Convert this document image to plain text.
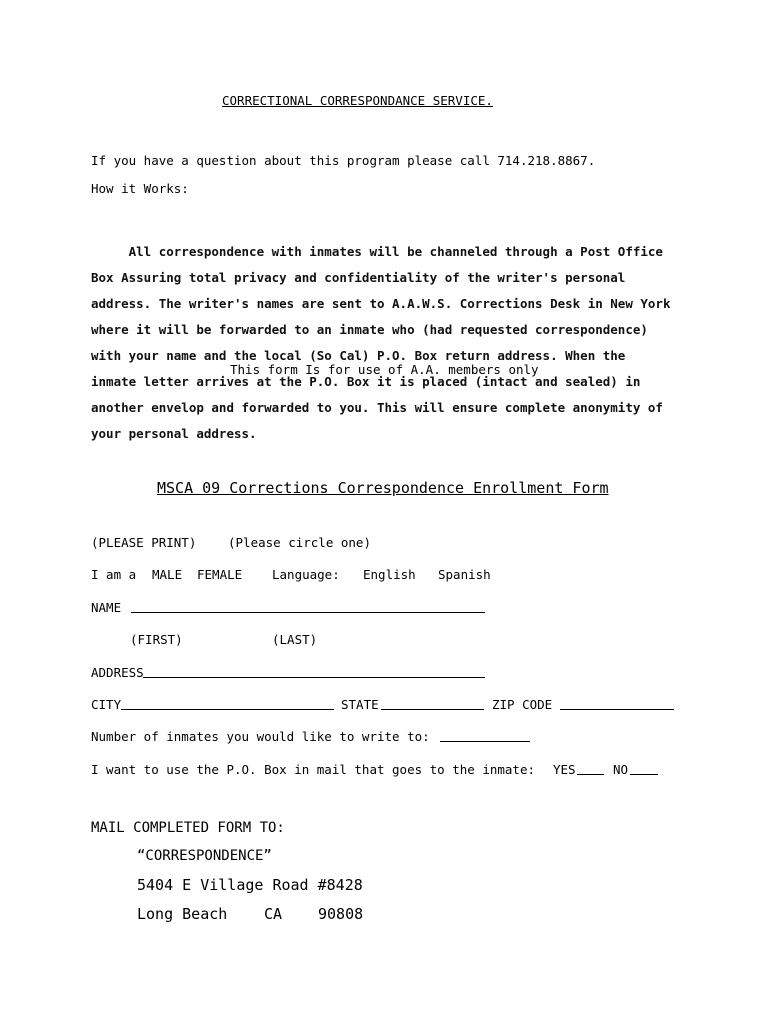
CORRECTIONAL CORRESPONDANCE SERVICE.
If you have a question about this program please call 714.218.8867.
How it Works:

All correspondence with inmates will be channeled through a Post Office

Box Assuring total privacy and confidentiality of the writer's personal

address. The writer's names are sent to A.A.W.S. Corrections Desk in New York

where it will be forwarded to an inmate who (had requested correspondence)

with your name and the local (So Cal) P.O. Box return address. When the

inmate letter arrives at the P.O. Box it is placed (intact and sealed) in

another envelop and forwarded to you. This will ensure complete anonymity of

your personal address.

This form Is for use of A.A. members only
MSCA 09 Corrections Correspondence Enrollment Form
(PLEASE PRINT)	(Please circle one)
I am a MALE FEMALE Language: English Spanish
NAME
(FIRST)	(LAST)
ADDRESS
CITY	STATE	ZIP CODE
Number of inmates you would like to write to:
I want to use the P.O. Box in mail that goes to the inmate: YES	NO
MAIL COMPLETED FORM TO:
“CORRESPONDENCE”
5404 E Village Road #8428
Long Beach CA 90808
